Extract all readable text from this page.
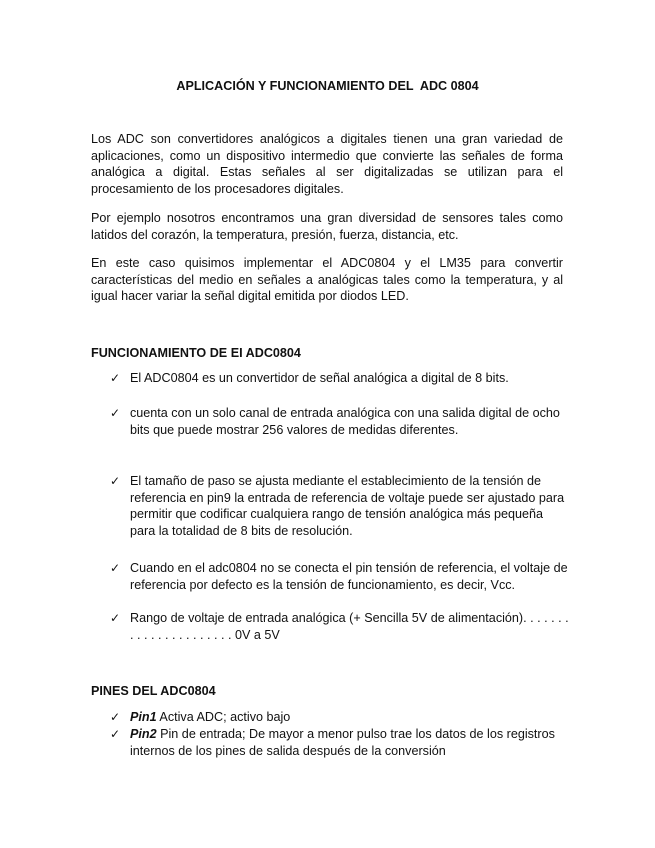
APLICACIÓN Y FUNCIONAMIENTO DEL  ADC 0804

Los ADC son convertidores analógicos a digitales tienen una gran variedad de aplicaciones, como un dispositivo intermedio que convierte las señales de forma analógica a digital. Estas señales al ser digitalizadas se utilizan para el procesamiento de los procesadores digitales.

Por ejemplo nosotros encontramos una gran diversidad de sensores tales como latidos del corazón, la temperatura, presión, fuerza, distancia, etc.

En este caso quisimos implementar el ADC0804 y el LM35 para convertir características del medio en señales a analógicas tales como la temperatura, y al igual hacer variar la señal digital emitida por diodos LED.

FUNCIONAMIENTO DE EI ADC0804
✓ El ADC0804 es un convertidor de señal analógica a digital de 8 bits.
✓ cuenta con un solo canal de entrada analógica con una salida digital de ocho bits que puede mostrar 256 valores de medidas diferentes.
✓ El tamaño de paso se ajusta mediante el establecimiento de la tensión de referencia en pin9 la entrada de referencia de voltaje puede ser ajustado para permitir que codificar cualquiera rango de tensión analógica más pequeña para la totalidad de 8 bits de resolución.
✓ Cuando en el adc0804 no se conecta el pin tensión de referencia, el voltaje de referencia por defecto es la tensión de funcionamiento, es decir, Vcc.
✓ Rango de voltaje de entrada analógica (+ Sencilla 5V de alimentación). . . . . . . . . . . . . . . . . . . . . . 0V a 5V
PINES DEL ADC0804
✓ Pin1 Activa ADC; activo bajo
✓ Pin2 Pin de entrada; De mayor a menor pulso trae los datos de los registros internos de los pines de salida después de la conversión
